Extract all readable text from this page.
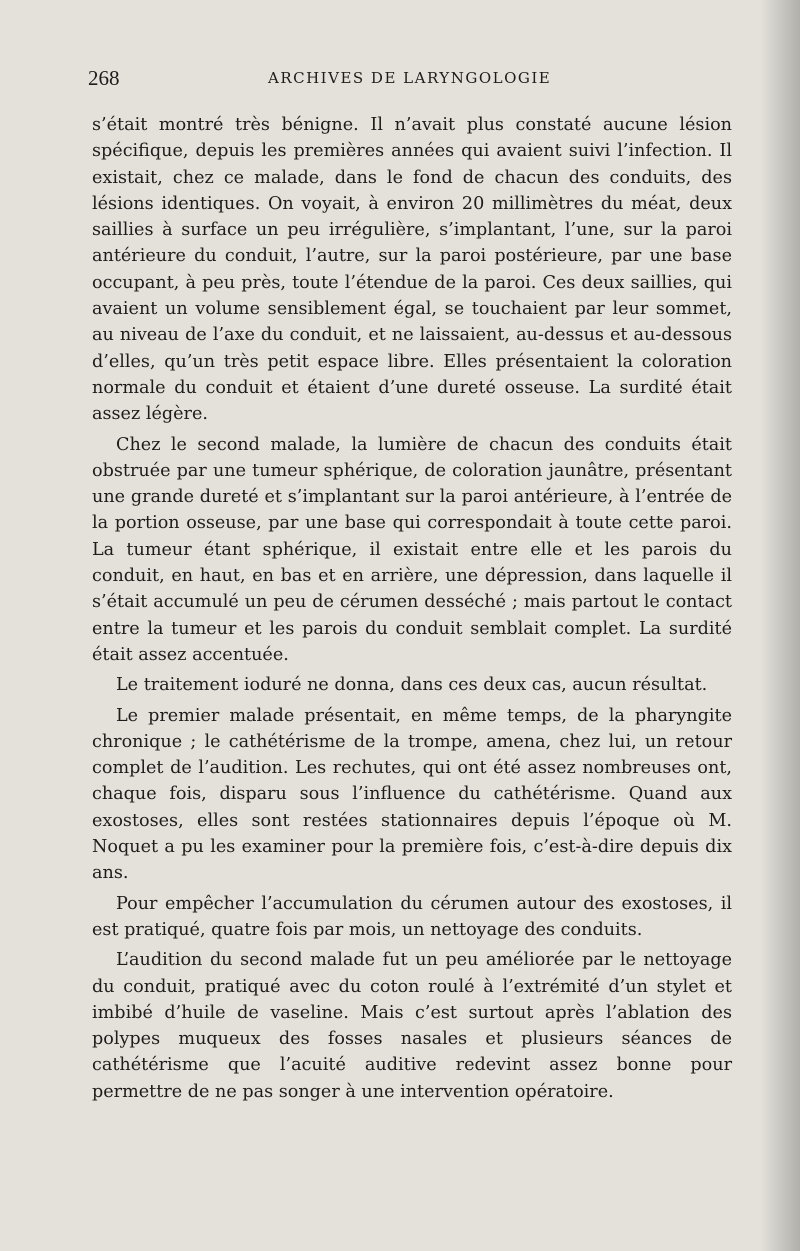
268	ARCHIVES DE LARYNGOLOGIE

s’était montré très bénigne. Il n’avait plus constaté aucune lésion spécifique, depuis les premières années qui avaient suivi l’infection. Il existait, chez ce malade, dans le fond de chacun des conduits, des lésions identiques. On voyait, à environ 20 millimètres du méat, deux saillies à surface un peu irrégulière, s’implantant, l’une, sur la paroi antérieure du conduit, l’autre, sur la paroi postérieure, par une base occupant, à peu près, toute l’étendue de la paroi. Ces deux saillies, qui avaient un volume sensiblement égal, se touchaient par leur sommet, au niveau de l’axe du conduit, et ne laissaient, au-dessus et au-dessous d’elles, qu’un très petit espace libre. Elles présentaient la coloration normale du conduit et étaient d’une dureté osseuse. La surdité était assez légère.

Chez le second malade, la lumière de chacun des conduits était obstruée par une tumeur sphérique, de coloration jaunâtre, présentant une grande dureté et s’implantant sur la paroi antérieure, à l’entrée de la portion osseuse, par une base qui correspondait à toute cette paroi. La tumeur étant sphérique, il existait entre elle et les parois du conduit, en haut, en bas et en arrière, une dépression, dans laquelle il s’était accumulé un peu de cérumen desséché ; mais partout le contact entre la tumeur et les parois du conduit semblait complet. La surdité était assez accentuée.

Le traitement ioduré ne donna, dans ces deux cas, aucun résultat.

Le premier malade présentait, en même temps, de la pharyngite chronique ; le cathétérisme de la trompe, amena, chez lui, un retour complet de l’audition. Les rechutes, qui ont été assez nombreuses ont, chaque fois, disparu sous l’influence du cathétérisme. Quand aux exostoses, elles sont restées stationnaires depuis l’époque où M. Noquet a pu les examiner pour la première fois, c’est-à-dire depuis dix ans.

Pour empêcher l’accumulation du cérumen autour des exostoses, il est pratiqué, quatre fois par mois, un nettoyage des conduits.

L’audition du second malade fut un peu améliorée par le nettoyage du conduit, pratiqué avec du coton roulé à l’extrémité d’un stylet et imbibé d’huile de vaseline. Mais c’est surtout après l’ablation des polypes muqueux des fosses nasales et plusieurs séances de cathétérisme que l’acuité auditive redevint assez bonne pour permettre de ne pas songer à une intervention opératoire.
